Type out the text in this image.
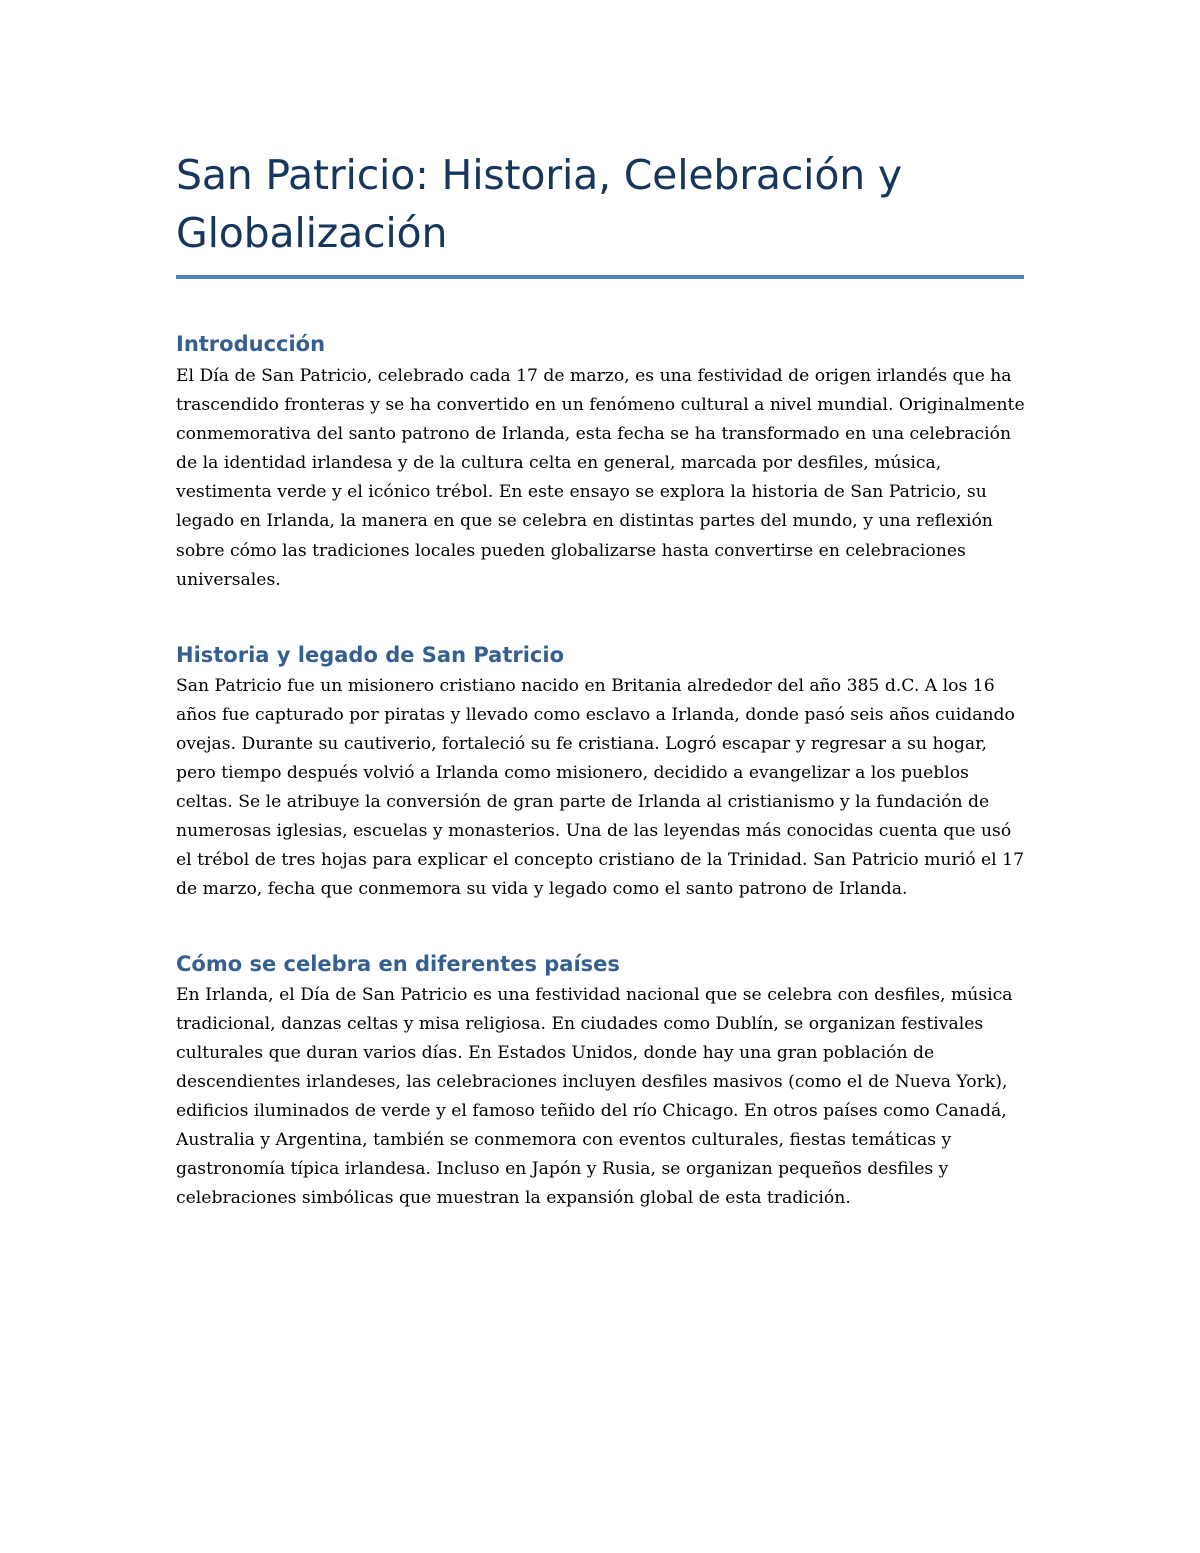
San Patricio: Historia, Celebración y Globalización
Introducción

El Día de San Patricio, celebrado cada 17 de marzo, es una festividad de origen irlandés que ha trascendido fronteras y se ha convertido en un fenómeno cultural a nivel mundial. Originalmente conmemorativa del santo patrono de Irlanda, esta fecha se ha transformado en una celebración de la identidad irlandesa y de la cultura celta en general, marcada por desfiles, música, vestimenta verde y el icónico trébol. En este ensayo se explora la historia de San Patricio, su legado en Irlanda, la manera en que se celebra en distintas partes del mundo, y una reflexión sobre cómo las tradiciones locales pueden globalizarse hasta convertirse en celebraciones universales.

Historia y legado de San Patricio

San Patricio fue un misionero cristiano nacido en Britania alrededor del año 385 d.C. A los 16 años fue capturado por piratas y llevado como esclavo a Irlanda, donde pasó seis años cuidando ovejas. Durante su cautiverio, fortaleció su fe cristiana. Logró escapar y regresar a su hogar, pero tiempo después volvió a Irlanda como misionero, decidido a evangelizar a los pueblos celtas. Se le atribuye la conversión de gran parte de Irlanda al cristianismo y la fundación de numerosas iglesias, escuelas y monasterios. Una de las leyendas más conocidas cuenta que usó el trébol de tres hojas para explicar el concepto cristiano de la Trinidad. San Patricio murió el 17 de marzo, fecha que conmemora su vida y legado como el santo patrono de Irlanda.

Cómo se celebra en diferentes países

En Irlanda, el Día de San Patricio es una festividad nacional que se celebra con desfiles, música tradicional, danzas celtas y misa religiosa. En ciudades como Dublín, se organizan festivales culturales que duran varios días. En Estados Unidos, donde hay una gran población de descendientes irlandeses, las celebraciones incluyen desfiles masivos (como el de Nueva York), edificios iluminados de verde y el famoso teñido del río Chicago. En otros países como Canadá, Australia y Argentina, también se conmemora con eventos culturales, fiestas temáticas y gastronomía típica irlandesa. Incluso en Japón y Rusia, se organizan pequeños desfiles y celebraciones simbólicas que muestran la expansión global de esta tradición.
